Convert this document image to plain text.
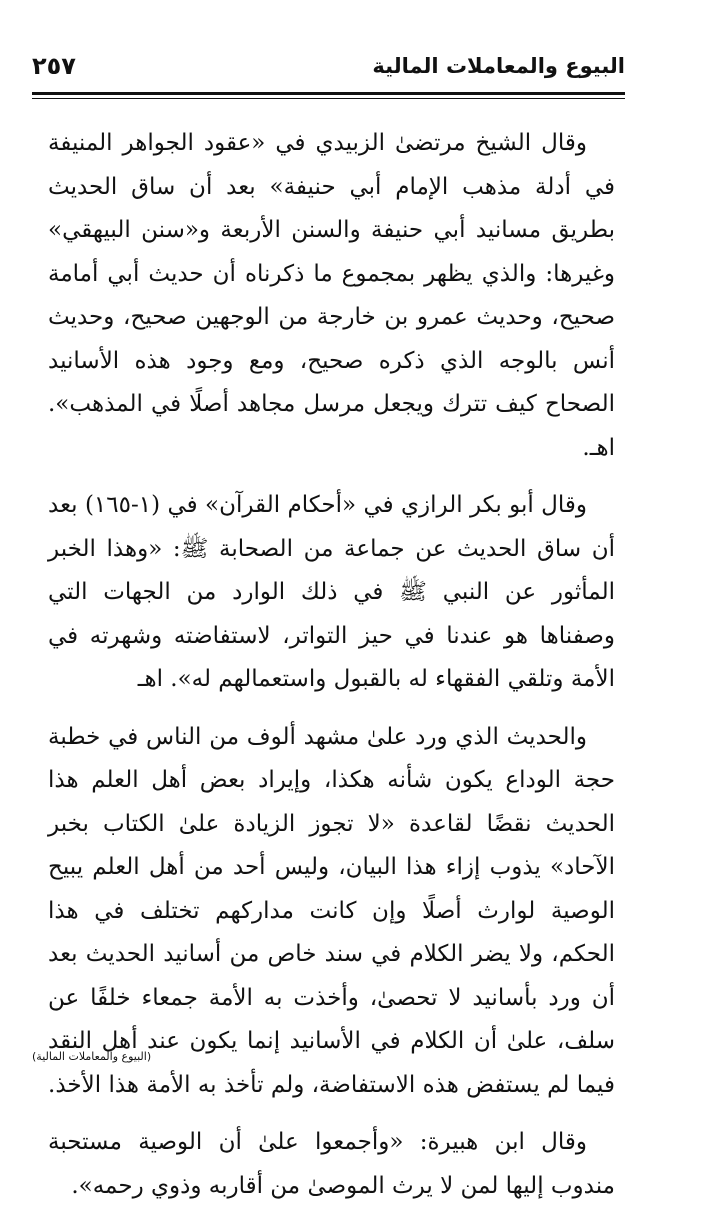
البيوع والمعاملات المالية
٢٥٧

وقال الشيخ مرتضىٰ الزبيدي في «عقود الجواهر المنيفة في أدلة مذهب الإمام أبي حنيفة» بعد أن ساق الحديث بطريق مسانيد أبي حنيفة والسنن الأربعة و«سنن البيهقي» وغيرها: والذي يظهر بمجموع ما ذكرناه أن حديث أبي أمامة صحيح، وحديث عمرو بن خارجة من الوجهين صحيح، وحديث أنس بالوجه الذي ذكره صحيح، ومع وجود هذه الأسانيد الصحاح كيف تترك ويجعل مرسل مجاهد أصلًا في المذهب». اهـ.

وقال أبو بكر الرازي في «أحكام القرآن» في (١-١٦٥) بعد أن ساق الحديث عن جماعة من الصحابة ﷺ: «وهذا الخبر المأثور عن النبي ﷺ في ذلك الوارد من الجهات التي وصفناها هو عندنا في حيز التواتر، لاستفاضته وشهرته في الأمة وتلقي الفقهاء له بالقبول واستعمالهم له». اهـ

والحديث الذي ورد علىٰ مشهد ألوف من الناس في خطبة حجة الوداع يكون شأنه هكذا، وإيراد بعض أهل العلم هذا الحديث نقضًا لقاعدة «لا تجوز الزيادة علىٰ الكتاب بخبر الآحاد» يذوب إزاء هذا البيان، وليس أحد من أهل العلم يبيح الوصية لوارث أصلًا وإن كانت مداركهم تختلف في هذا الحكم، ولا يضر الكلام في سند خاص من أسانيد الحديث بعد أن ورد بأسانيد لا تحصىٰ، وأخذت به الأمة جمعاء خلفًا عن سلف، علىٰ أن الكلام في الأسانيد إنما يكون عند أهل النقد فيما لم يستفض هذه الاستفاضة، ولم تأخذ به الأمة هذا الأخذ.

وقال ابن هبيرة: «وأجمعوا علىٰ أن الوصية مستحبة مندوب إليها لمن لا يرث الموصىٰ من أقاربه وذوي رحمه».

(البيوع والمعاملات المالية)
